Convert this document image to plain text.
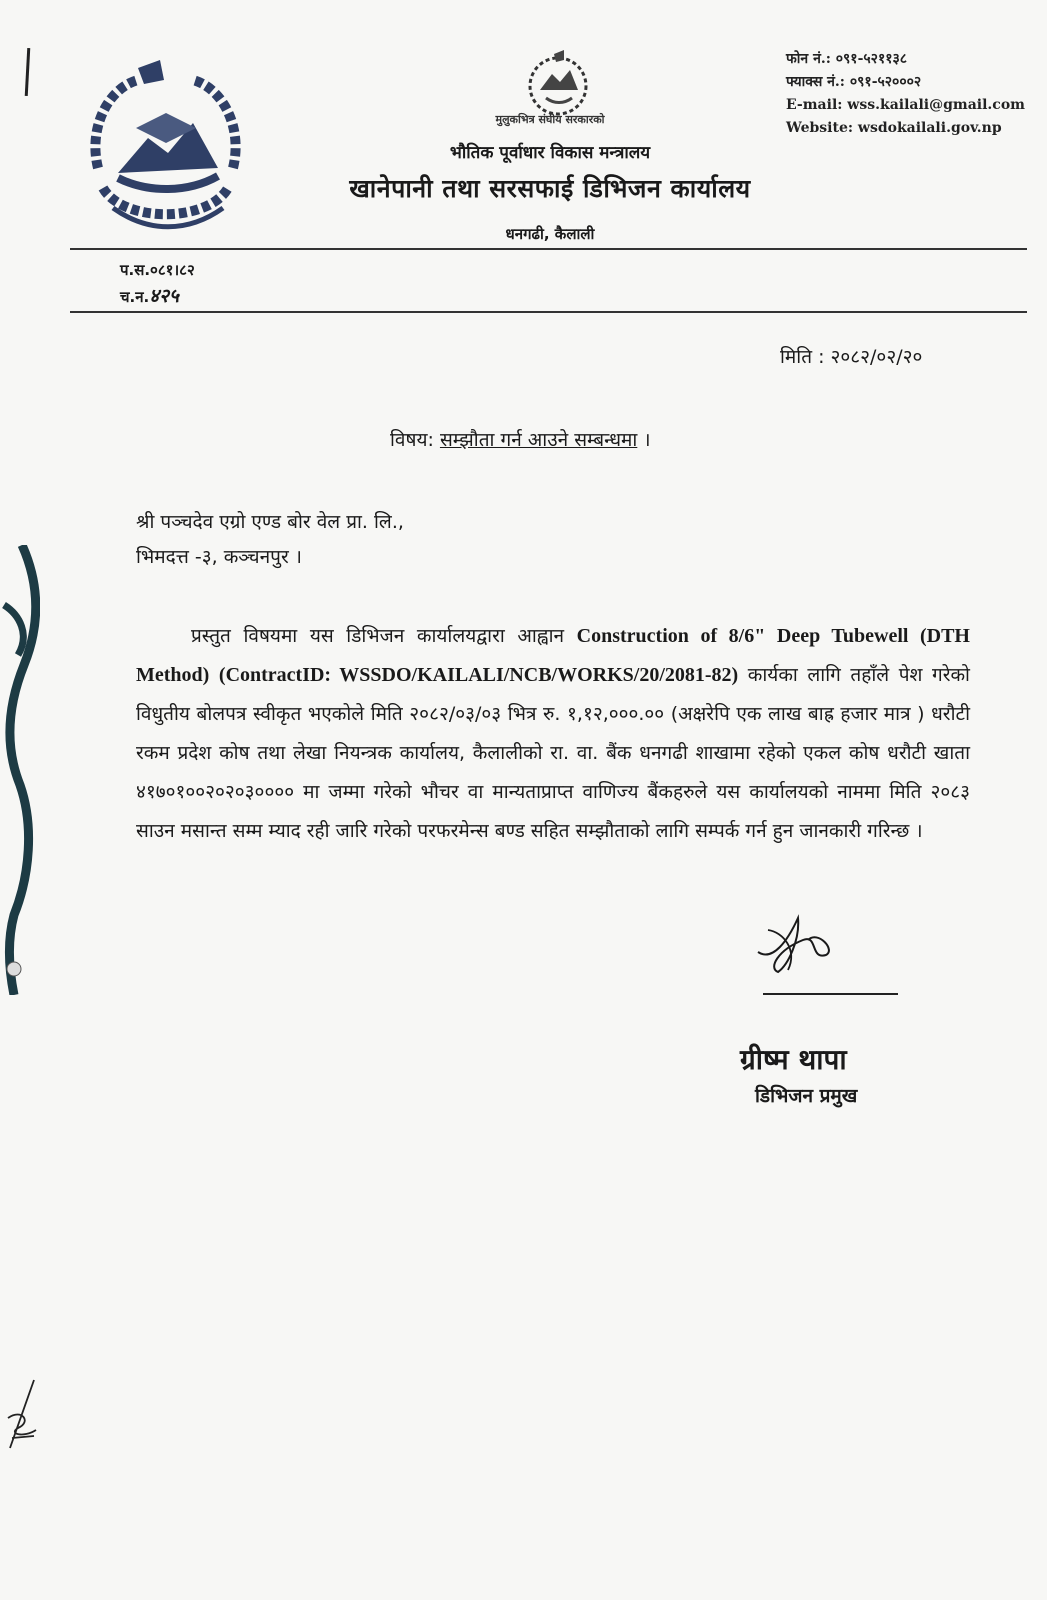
मुलुकभित्र संघीय सरकारको
भौतिक पूर्वाधार विकास मन्त्रालय
खानेपानी तथा सरसफाई डिभिजन कार्यालय
धनगढी, कैलाली
फोन नं.: ०९१-५२११३८
फ्याक्स नं.: ०९१-५२०००२
E-mail: wss.kailali@gmail.com
Website: wsdokailali.gov.np
प.स.०८१।८२
च.न.४२५
मिति : २०८२/०२/२०
विषय: सम्झौता गर्न आउने सम्बन्धमा ।
श्री पञ्चदेव एग्रो एण्ड बोर वेल प्रा. लि.,
भिमदत्त -३, कञ्चनपुर ।
प्रस्तुत विषयमा यस डिभिजन कार्यालयद्वारा आह्वान Construction of 8/6" Deep Tubewell (DTH Method) (ContractID: WSSDO/KAILALI/NCB/WORKS/20/2081-82) कार्यका लागि तहाँले पेश गरेको विधुतीय बोलपत्र स्वीकृत भएकोले मिति २०८२/०३/०३ भित्र रु. १,१२,०००.०० (अक्षरेपि एक लाख बाह्र हजार मात्र ) धरौटी रकम प्रदेश कोष तथा लेखा नियन्त्रक कार्यालय, कैलालीको रा. वा. बैंक धनगढी शाखामा रहेको एकल कोष धरौटी खाता ४१७०१००२०२०३०००० मा जम्मा गरेको भौचर वा मान्यताप्राप्त वाणिज्य बैंकहरुले यस कार्यालयको नाममा मिति २०८३ साउन मसान्त सम्म म्याद रही जारि गरेको परफरमेन्स बण्ड सहित सम्झौताको लागि सम्पर्क गर्न हुन जानकारी गरिन्छ ।
ग्रीष्म थापा
डिभिजन प्रमुख
